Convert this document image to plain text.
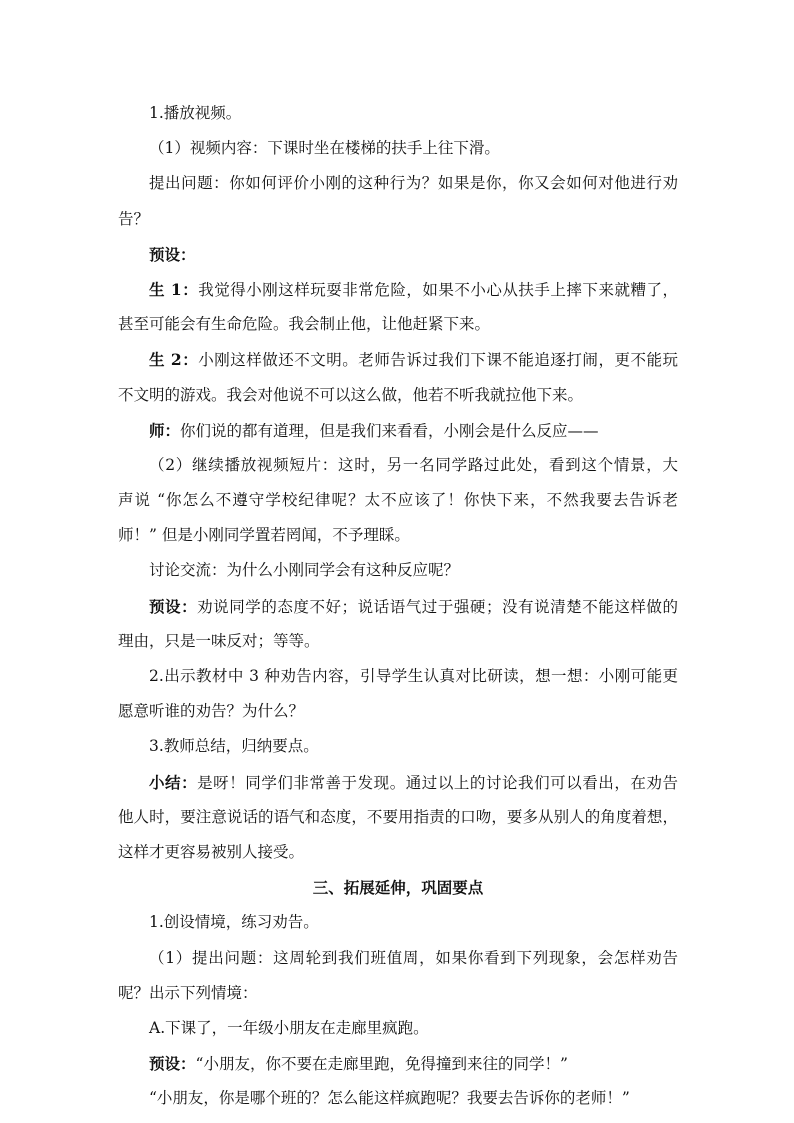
1.播放视频。
（1）视频内容：下课时坐在楼梯的扶手上往下滑。
提出问题：你如何评价小刚的这种行为？如果是你，你又会如何对他进行劝
告？
预设：
生 1：我觉得小刚这样玩耍非常危险，如果不小心从扶手上摔下来就糟了，
甚至可能会有生命危险。我会制止他，让他赶紧下来。
生 2：小刚这样做还不文明。老师告诉过我们下课不能追逐打闹，更不能玩
不文明的游戏。我会对他说不可以这么做，他若不听我就拉他下来。
师：你们说的都有道理，但是我们来看看，小刚会是什么反应——
（2）继续播放视频短片：这时，另一名同学路过此处，看到这个情景，大
声说 “你怎么不遵守学校纪律呢？太不应该了！你快下来，不然我要去告诉老
师！” 但是小刚同学置若罔闻，不予理睬。
讨论交流：为什么小刚同学会有这种反应呢？
预设：劝说同学的态度不好；说话语气过于强硬；没有说清楚不能这样做的
理由，只是一味反对；等等。
2.出示教材中 3 种劝告内容，引导学生认真对比研读，想一想：小刚可能更
愿意听谁的劝告？为什么？
3.教师总结，归纳要点。
小结：是呀！同学们非常善于发现。通过以上的讨论我们可以看出，在劝告
他人时，要注意说话的语气和态度，不要用指责的口吻，要多从别人的角度着想，
这样才更容易被别人接受。
三、拓展延伸，巩固要点
1.创设情境，练习劝告。
（1）提出问题：这周轮到我们班值周，如果你看到下列现象，会怎样劝告
呢？出示下列情境：
A.下课了，一年级小朋友在走廊里疯跑。
预设：“小朋友，你不要在走廊里跑，免得撞到来往的同学！”
“小朋友，你是哪个班的？怎么能这样疯跑呢？我要去告诉你的老师！”
